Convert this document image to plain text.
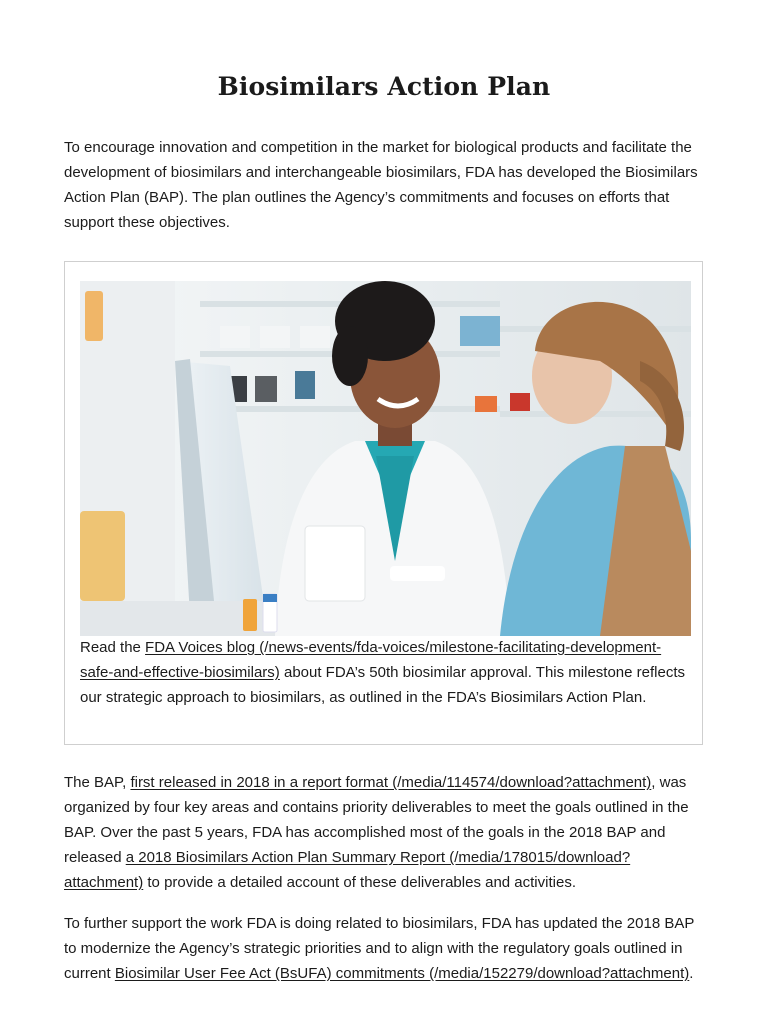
Biosimilars Action Plan

To encourage innovation and competition in the market for biological products and facilitate the
development of biosimilars and interchangeable biosimilars, FDA has developed the Biosimilars
Action Plan (BAP). The plan outlines the Agency’s commitments and focuses on efforts that
support these objectives.

Read the FDA Voices blog (/news-events/fda-voices/milestone-facilitating-development-
safe-and-effective-biosimilars) about FDA’s 50th biosimilar approval. This milestone reflects
our strategic approach to biosimilars, as outlined in the FDA’s Biosimilars Action Plan.

The BAP, first released in 2018 in a report format (/media/114574/download?attachment), was
organized by four key areas and contains priority deliverables to meet the goals outlined in the
BAP. Over the past 5 years, FDA has accomplished most of the goals in the 2018 BAP and
released a 2018 Biosimilars Action Plan Summary Report (/media/178015/download?
attachment) to provide a detailed account of these deliverables and activities.

To further support the work FDA is doing related to biosimilars, FDA has updated the 2018 BAP
to modernize the Agency’s strategic priorities and to align with the regulatory goals outlined in
current Biosimilar User Fee Act (BsUFA) commitments (/media/152279/download?attachment).
